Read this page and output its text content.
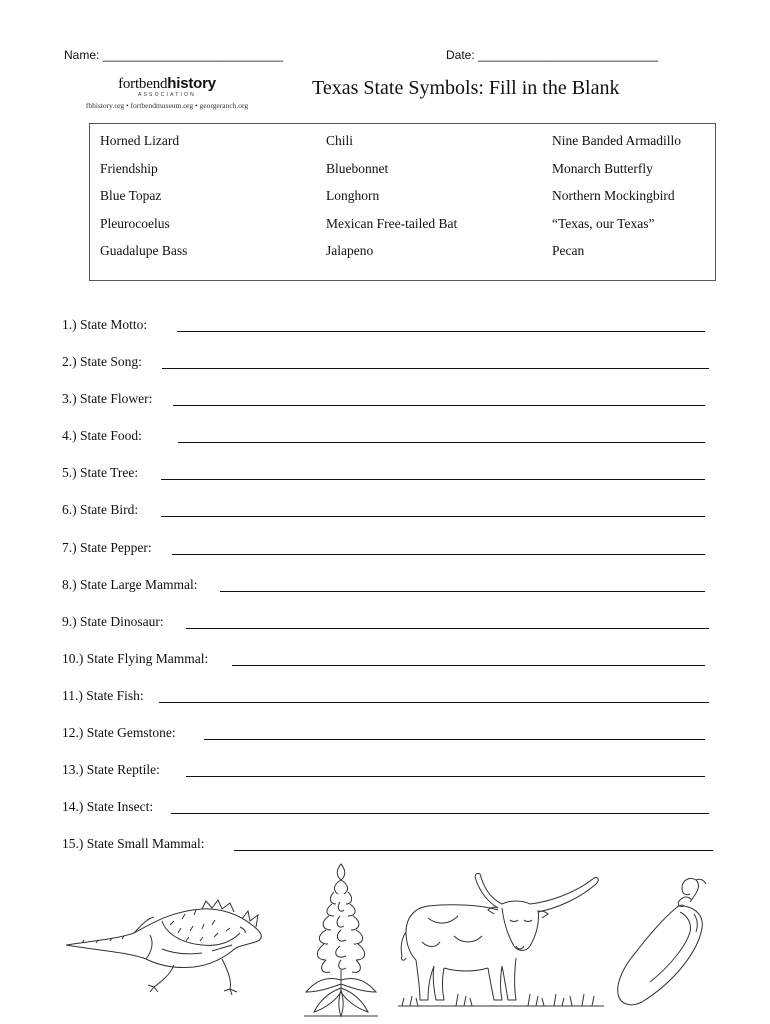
Name: ___________________________	Date: ___________________________
fortbendhistory
ASSOCIATION
fbhistory.org • fortbendmuseum.org • georgeranch.org
Texas State Symbols: Fill in the Blank
Horned Lizard
Friendship
Blue Topaz
Pleurocoelus
Guadalupe Bass
Chili
Bluebonnet
Longhorn
Mexican Free-tailed Bat
Jalapeno
Nine Banded Armadillo
Monarch Butterfly
Northern Mockingbird
“Texas, our Texas”
Pecan
1.) State Motto:
2.) State Song:
3.) State Flower:
4.) State Food:
5.) State Tree:
6.) State Bird:
7.) State Pepper:
8.) State Large Mammal:
9.) State Dinosaur:
10.) State Flying Mammal:
11.) State Fish:
12.) State Gemstone:
13.) State Reptile:
14.) State Insect:
15.) State Small Mammal:
